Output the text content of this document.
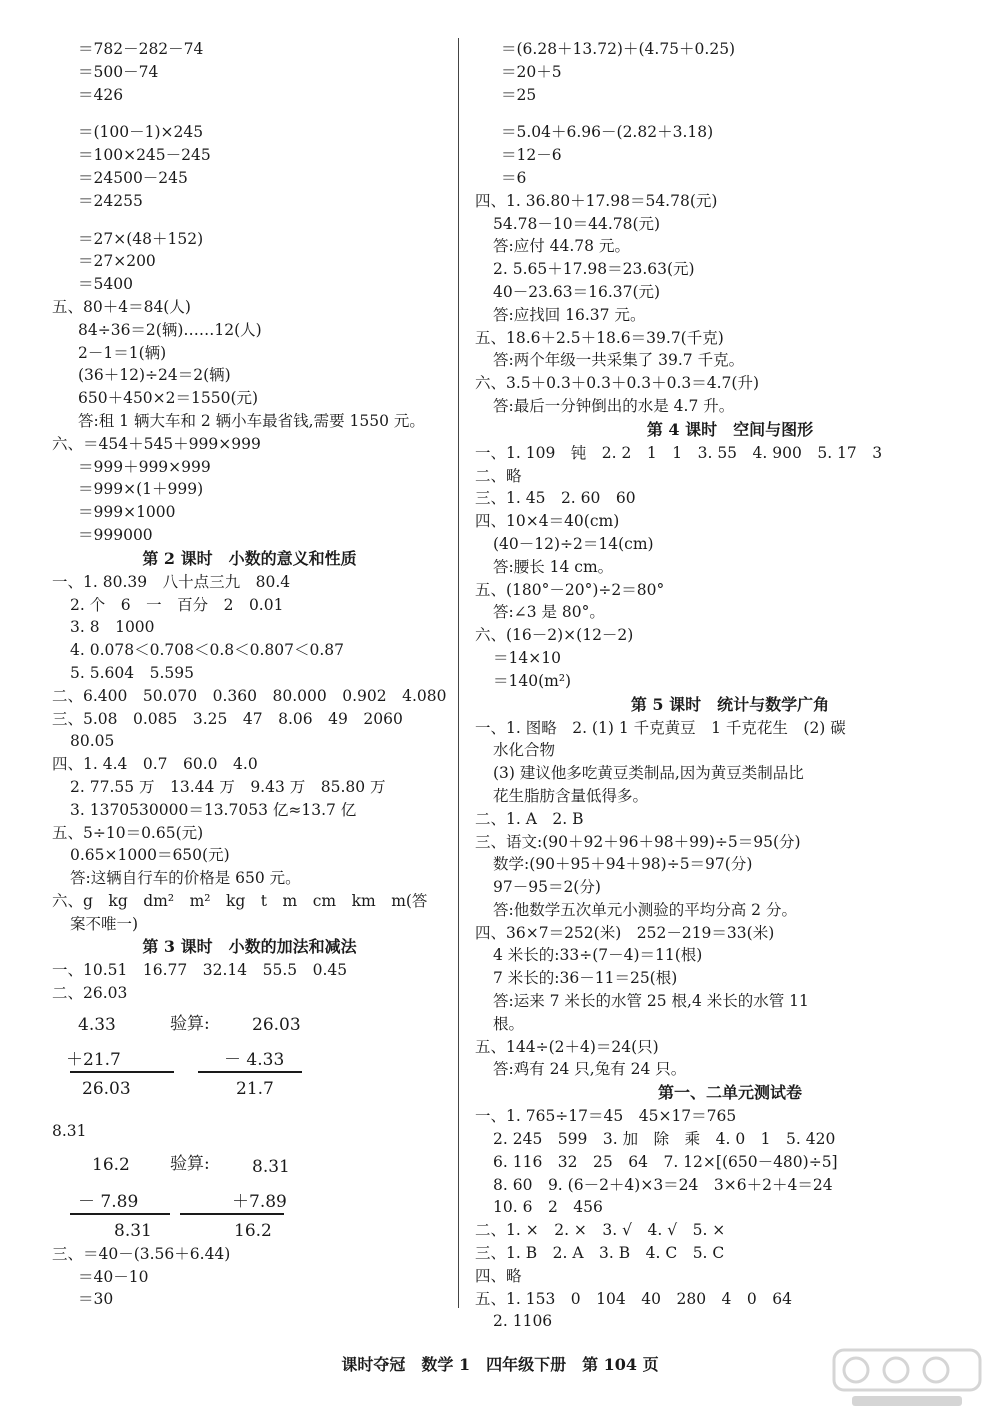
＝782－282－74
＝500－74
＝426
＝(100－1)×245
＝100×245－245
＝24500－245
＝24255
＝27×(48＋152)
＝27×200
＝5400
五、80＋4＝84(人)
84÷36＝2(辆)……12(人)
2－1＝1(辆)
(36＋12)÷24＝2(辆)
650＋450×2＝1550(元)
答:租 1 辆大车和 2 辆小车最省钱,需要 1550 元。
六、＝454＋545＋999×999
＝999＋999×999
＝999×(1＋999)
＝999×1000
＝999000
第 2 课时　小数的意义和性质
一、1. 80.39　八十点三九　80.4
2. 个　6　一　百分　2　0.01
3. 8　1000
4. 0.078＜0.708＜0.8＜0.807＜0.87
5. 5.604　5.595
二、6.400　50.070　0.360　80.000　0.902　4.080
三、5.08　0.085　3.25　47　8.06　49　2060
80.05
四、1. 4.4　0.7　60.0　4.0
2. 77.55 万　13.44 万　9.43 万　85.80 万
3. 1370530000＝13.7053 亿≈13.7 亿
五、5÷10＝0.65(元)
0.65×1000＝650(元)
答:这辆自行车的价格是 650 元。
六、g　kg　dm²　m²　kg　t　m　cm　km　m(答
案不唯一)
第 3 课时　小数的加法和减法
一、10.51　16.77　32.14　55.5　0.45
二、26.03
4.33	验算: 26.03
＋21.7	－ 4.33
26.03	21.7
8.31
16.2 验算: 8.31
－ 7.89	＋7.89
8.31	16.2
三、＝40－(3.56＋6.44)
＝40－10
＝30
＝(6.28＋13.72)＋(4.75＋0.25)
＝20＋5
＝25
＝5.04＋6.96－(2.82＋3.18)
＝12－6
＝6
四、1. 36.80＋17.98＝54.78(元)
54.78－10＝44.78(元)
答:应付 44.78 元。
2. 5.65＋17.98＝23.63(元)
40－23.63＝16.37(元)
答:应找回 16.37 元。
五、18.6＋2.5＋18.6＝39.7(千克)
答:两个年级一共采集了 39.7 千克。
六、3.5＋0.3＋0.3＋0.3＋0.3＝4.7(升)
答:最后一分钟倒出的水是 4.7 升。
第 4 课时　空间与图形
一、1. 109　钝　2. 2　1　1　3. 55　4. 900　5. 17　3
二、略
三、1. 45　2. 60　60
四、10×4＝40(cm)
(40－12)÷2＝14(cm)
答:腰长 14 cm。
五、(180°－20°)÷2＝80°
答:∠3 是 80°。
六、(16－2)×(12－2)
＝14×10
＝140(m²)
第 5 课时　统计与数学广角
一、1. 图略　2. (1) 1 千克黄豆　1 千克花生　(2) 碳
水化合物
(3) 建议他多吃黄豆类制品,因为黄豆类制品比
花生脂肪含量低得多。
二、1. A　2. B
三、语文:(90＋92＋96＋98＋99)÷5＝95(分)
数学:(90＋95＋94＋98)÷5＝97(分)
97－95＝2(分)
答:他数学五次单元小测验的平均分高 2 分。
四、36×7＝252(米)　252－219＝33(米)
4 米长的:33÷(7－4)＝11(根)
7 米长的:36－11＝25(根)
答:运来 7 米长的水管 25 根,4 米长的水管 11
根。
五、144÷(2＋4)＝24(只)
答:鸡有 24 只,兔有 24 只。
第一、二单元测试卷
一、1. 765÷17＝45　45×17＝765
2. 245　599　3. 加　除　乘　4. 0　1　5. 420
6. 116　32　25　64　7. 12×[(650－480)÷5]
8. 60　9. (6－2＋4)×3＝24　3×6＋2＋4＝24
10. 6　2　456
二、1. ×　2. ×　3. √　4. √　5. ×
三、1. B　2. A　3. B　4. C　5. C
四、略
五、1. 153　0　104　40　280　4　0　64
2. 1106
课时夺冠　数学 1　四年级下册　第 104 页
